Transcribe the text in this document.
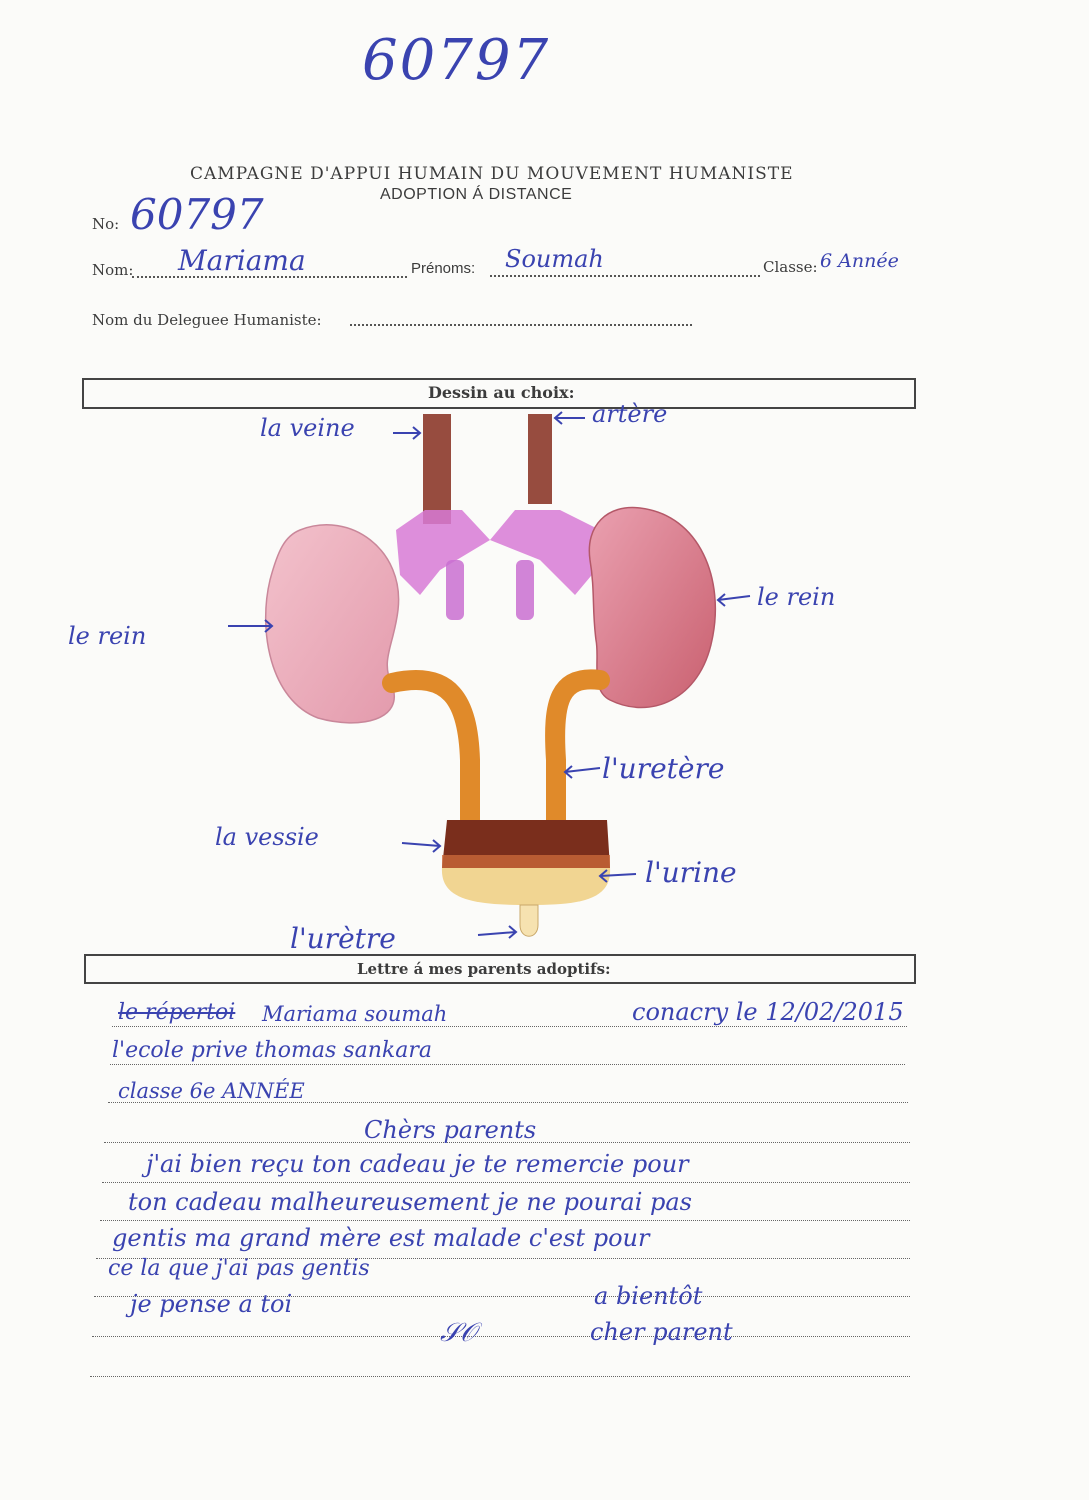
60797
CAMPAGNE D'APPUI HUMAIN DU MOUVEMENT HUMANISTE
ADOPTION Á DISTANCE
No: 60797
Nom: Mariama	Prénoms: Soumah	Classe: 6 Année
Nom du Deleguee Humaniste:
Dessin au choix:
la veine	artère
le rein
le rein
l'uretère
la vessie
l'urine
l'urètre
Lettre á mes parents adoptifs:
le répertoi Mariama soumah	conacry le 12/02/2015
l'ecole prive thomas sankara
classe 6e ANNÉE
Chèrs parents
j'ai bien reçu ton cadeau je te remercie pour
ton cadeau malheureusement je ne pourai pas
gentis ma grand mère est malade c'est pour
ce la que j'ai pas gentis
je pense a toi	a bientôt
𝒮𝒪	cher parent
